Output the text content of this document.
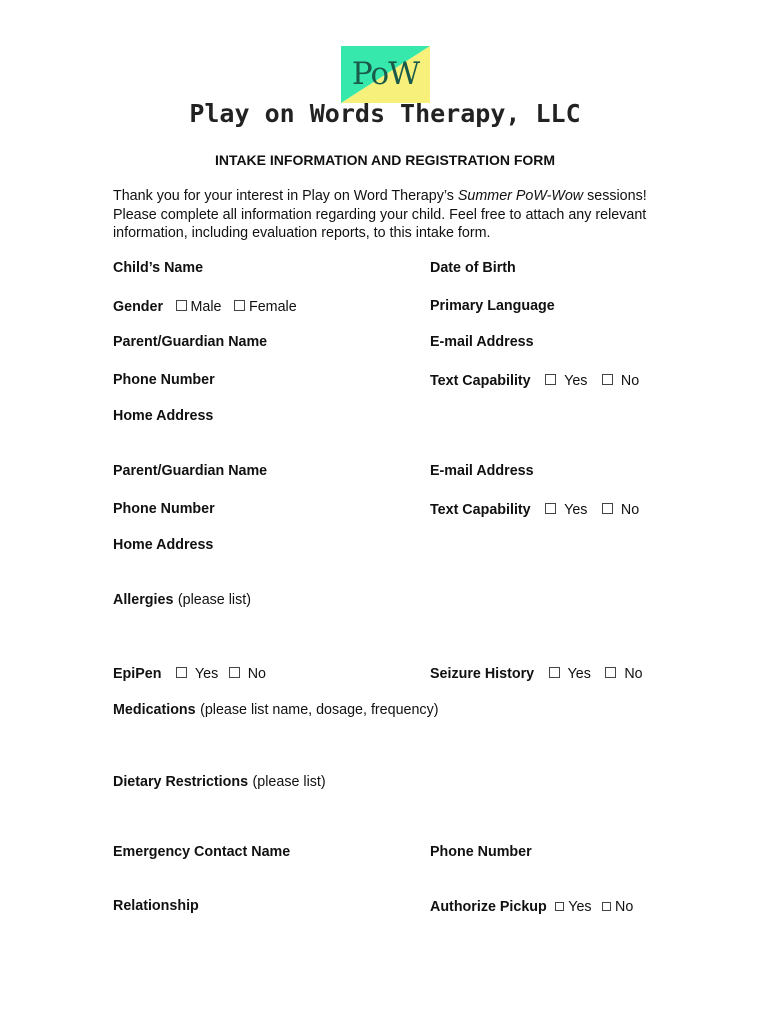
PoW
Play on Words Therapy, LLC
INTAKE INFORMATION AND REGISTRATION FORM
Thank you for your interest in Play on Word Therapy’s Summer PoW-Wow sessions! Please complete all information regarding your child. Feel free to attach any relevant information, including evaluation reports, to this intake form.
Child’s Name	Date of Birth
Gender Male Female	Primary Language
Parent/Guardian Name	E-mail Address
Phone Number	Text Capability Yes No
Home Address
Parent/Guardian Name	E-mail Address
Phone Number	Text Capability Yes No
Home Address
Allergies (please list)
EpiPen Yes No	Seizure History Yes No
Medications (please list name, dosage, frequency)
Dietary Restrictions (please list)
Emergency Contact Name	Phone Number
Relationship	Authorize Pickup Yes No
